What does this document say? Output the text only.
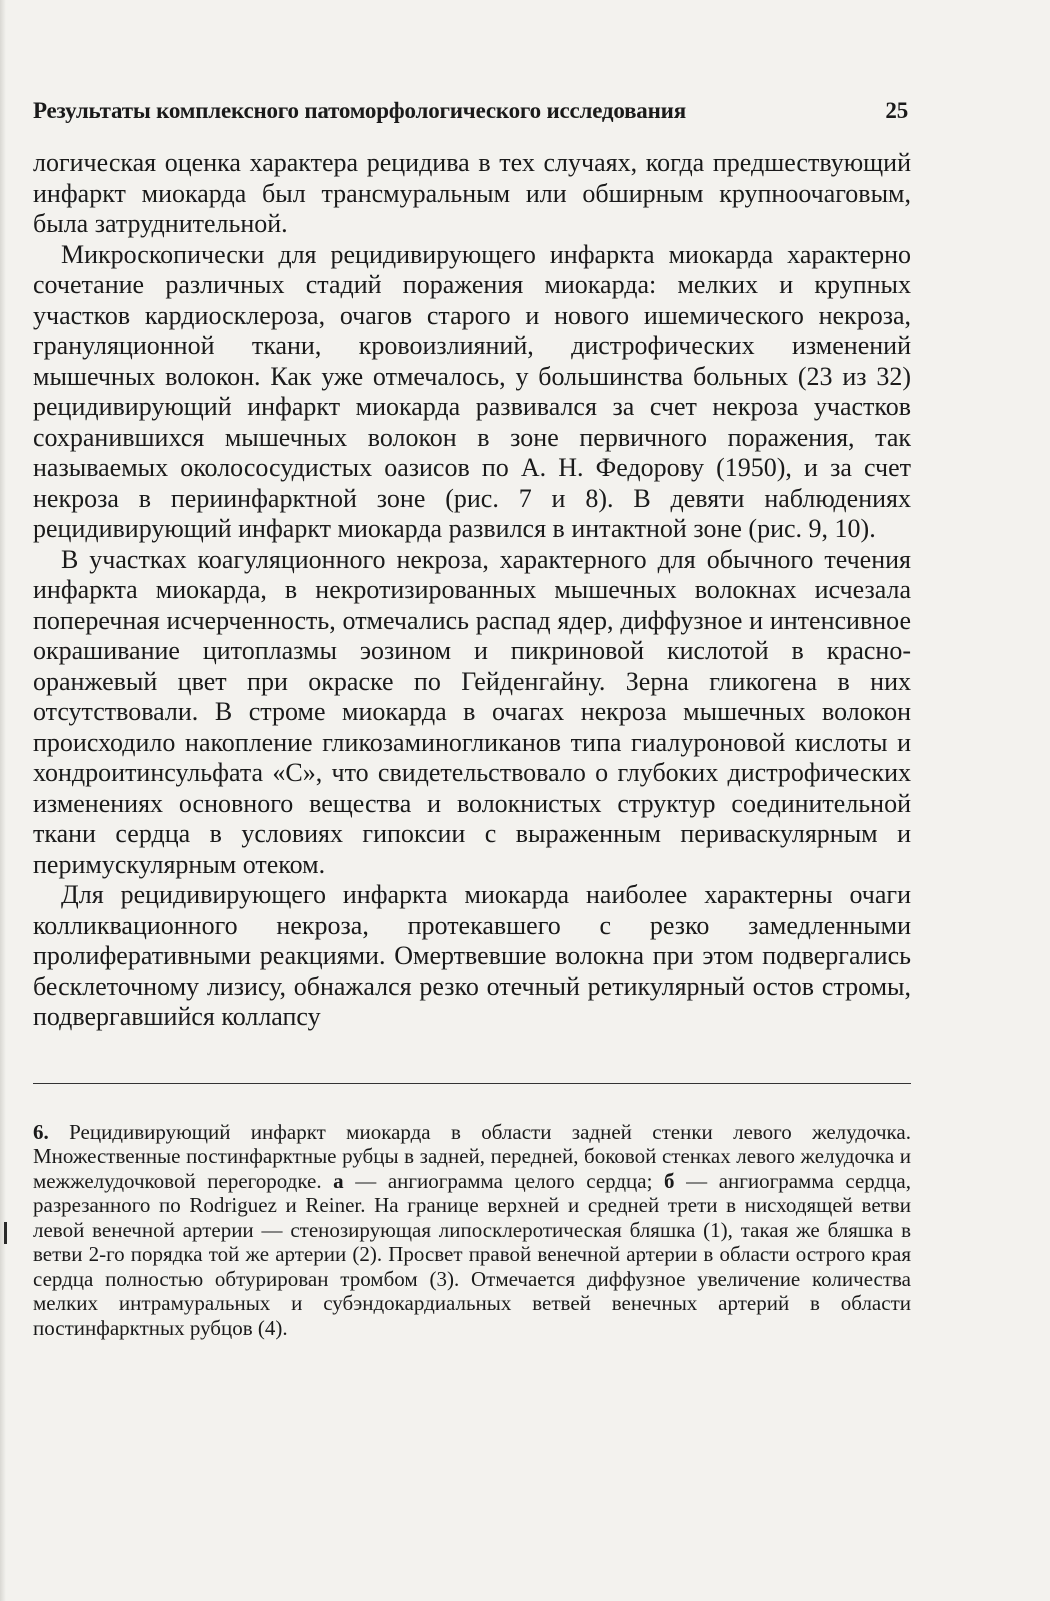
Результаты комплексного патоморфологического исследования	25

логическая оценка характера рецидива в тех случаях, когда предшествующий инфаркт миокарда был трансмуральным или обширным крупноочаговым, была затруднительной.

Микроскопически для рецидивирующего инфаркта миокарда характерно сочетание различных стадий поражения миокарда: мелких и крупных участков кардиосклероза, очагов старого и нового ишемического некроза, грануляционной ткани, кровоизлияний, дистрофических изменений мышечных волокон. Как уже отмечалось, у большинства больных (23 из 32) рецидивирующий инфаркт миокарда развивался за счет некроза участков сохранившихся мышечных волокон в зоне первичного поражения, так называемых околососудистых оазисов по А. Н. Федорову (1950), и за счет некроза в периинфарктной зоне (рис. 7 и 8). В девяти наблюдениях рецидивирующий инфаркт миокарда развился в интактной зоне (рис. 9, 10).

В участках коагуляционного некроза, характерного для обычного течения инфаркта миокарда, в некротизированных мышечных волокнах исчезала поперечная исчерченность, отмечались распад ядер, диффузное и интенсивное окрашивание цитоплазмы эозином и пикриновой кислотой в красно-оранжевый цвет при окраске по Гейденгайну. Зерна гликогена в них отсутствовали. В строме миокарда в очагах некроза мышечных волокон происходило накопление гликозаминогликанов типа гиалуроновой кислоты и хондроитинсульфата «С», что свидетельствовало о глубоких дистрофических изменениях основного вещества и волокнистых структур соединительной ткани сердца в условиях гипоксии с выраженным периваскулярным и перимускулярным отеком.

Для рецидивирующего инфаркта миокарда наиболее характерны очаги колликвационного некроза, протекавшего с резко замедленными пролиферативными реакциями. Омертвевшие волокна при этом подвергались бесклеточному лизису, обнажался резко отечный ретикулярный остов стромы, подвергавшийся коллапсу

6. Рецидивирующий инфаркт миокарда в области задней стенки левого желудочка. Множественные постинфарктные рубцы в задней, передней, боковой стенках левого желудочка и межжелудочковой перегородке. а — ангиограмма целого сердца; б — ангиограмма сердца, разрезанного по Rodriguez и Reiner. На границе верхней и средней трети в нисходящей ветви левой венечной артерии — стенозирующая липосклеротическая бляшка (1), такая же бляшка в ветви 2-го порядка той же артерии (2). Просвет правой венечной артерии в области острого края сердца полностью обтурирован тромбом (3). Отмечается диффузное увеличение количества мелких интрамуральных и субэндокардиальных ветвей венечных артерий в области постинфарктных рубцов (4).
